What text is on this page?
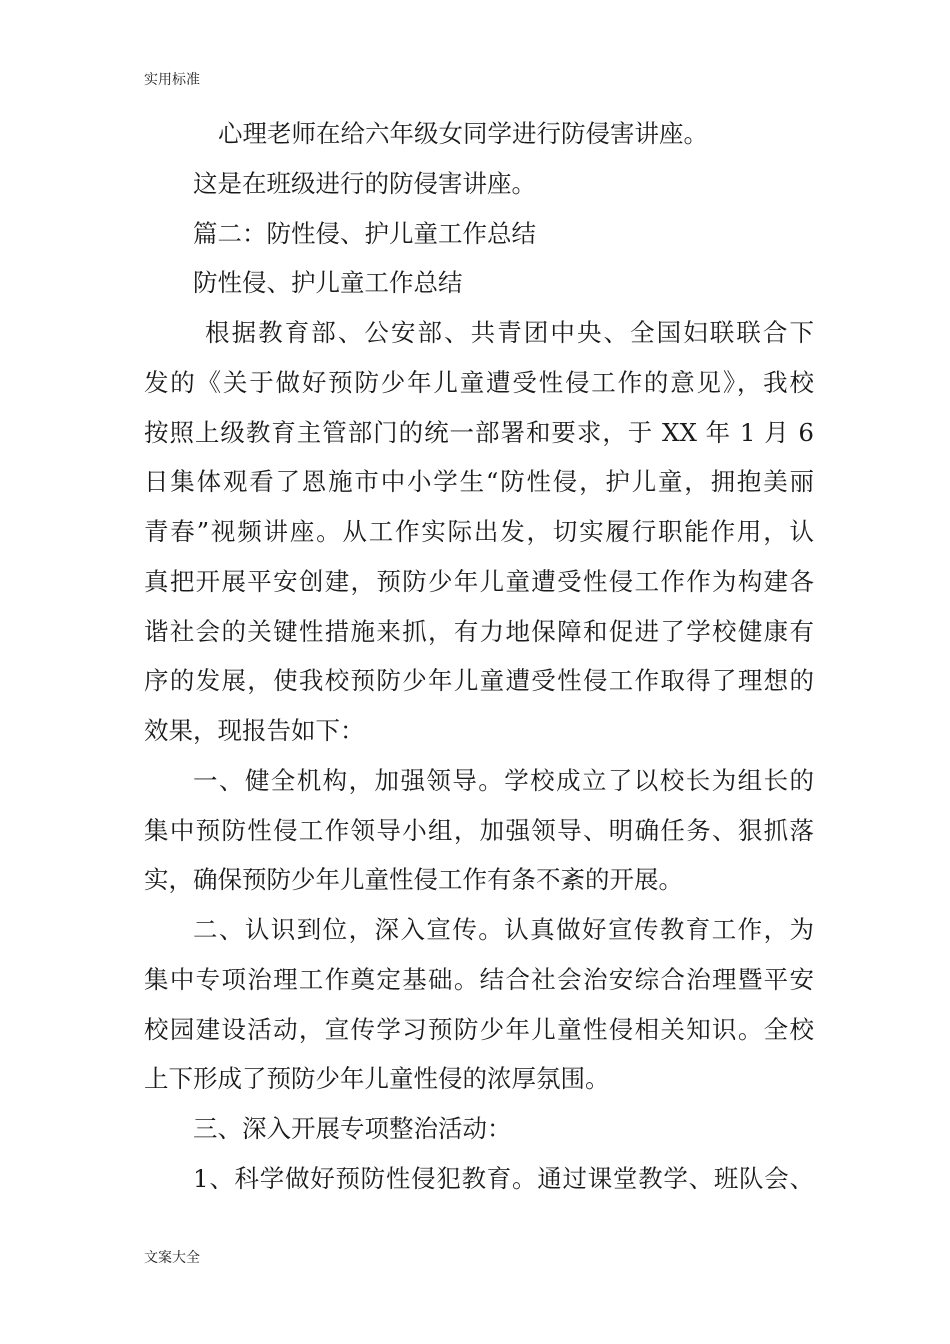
实用标准
心理老师在给六年级女同学进行防侵害讲座。
这是在班级进行的防侵害讲座。
篇二：防性侵、护儿童工作总结
防性侵、护儿童工作总结
根据教育部、公安部、共青团中央、全国妇联联合下
发的《关于做好预防少年儿童遭受性侵工作的意见》，我校
按照上级教育主管部门的统一部署和要求，于 XX 年 1 月 6
日集体观看了恩施市中小学生“防性侵，护儿童，拥抱美丽
青春”视频讲座。从工作实际出发，切实履行职能作用，认
真把开展平安创建，预防少年儿童遭受性侵工作作为构建各
谐社会的关键性措施来抓，有力地保障和促进了学校健康有
序的发展，使我校预防少年儿童遭受性侵工作取得了理想的
效果，现报告如下：
一、健全机构，加强领导。学校成立了以校长为组长的
集中预防性侵工作领导小组，加强领导、明确任务、狠抓落
实，确保预防少年儿童性侵工作有条不紊的开展。
二、认识到位，深入宣传。认真做好宣传教育工作，为
集中专项治理工作奠定基础。结合社会治安综合治理暨平安
校园建设活动，宣传学习预防少年儿童性侵相关知识。全校
上下形成了预防少年儿童性侵的浓厚氛围。
三、深入开展专项整治活动：
1、科学做好预防性侵犯教育。通过课堂教学、班队会、
文案大全
